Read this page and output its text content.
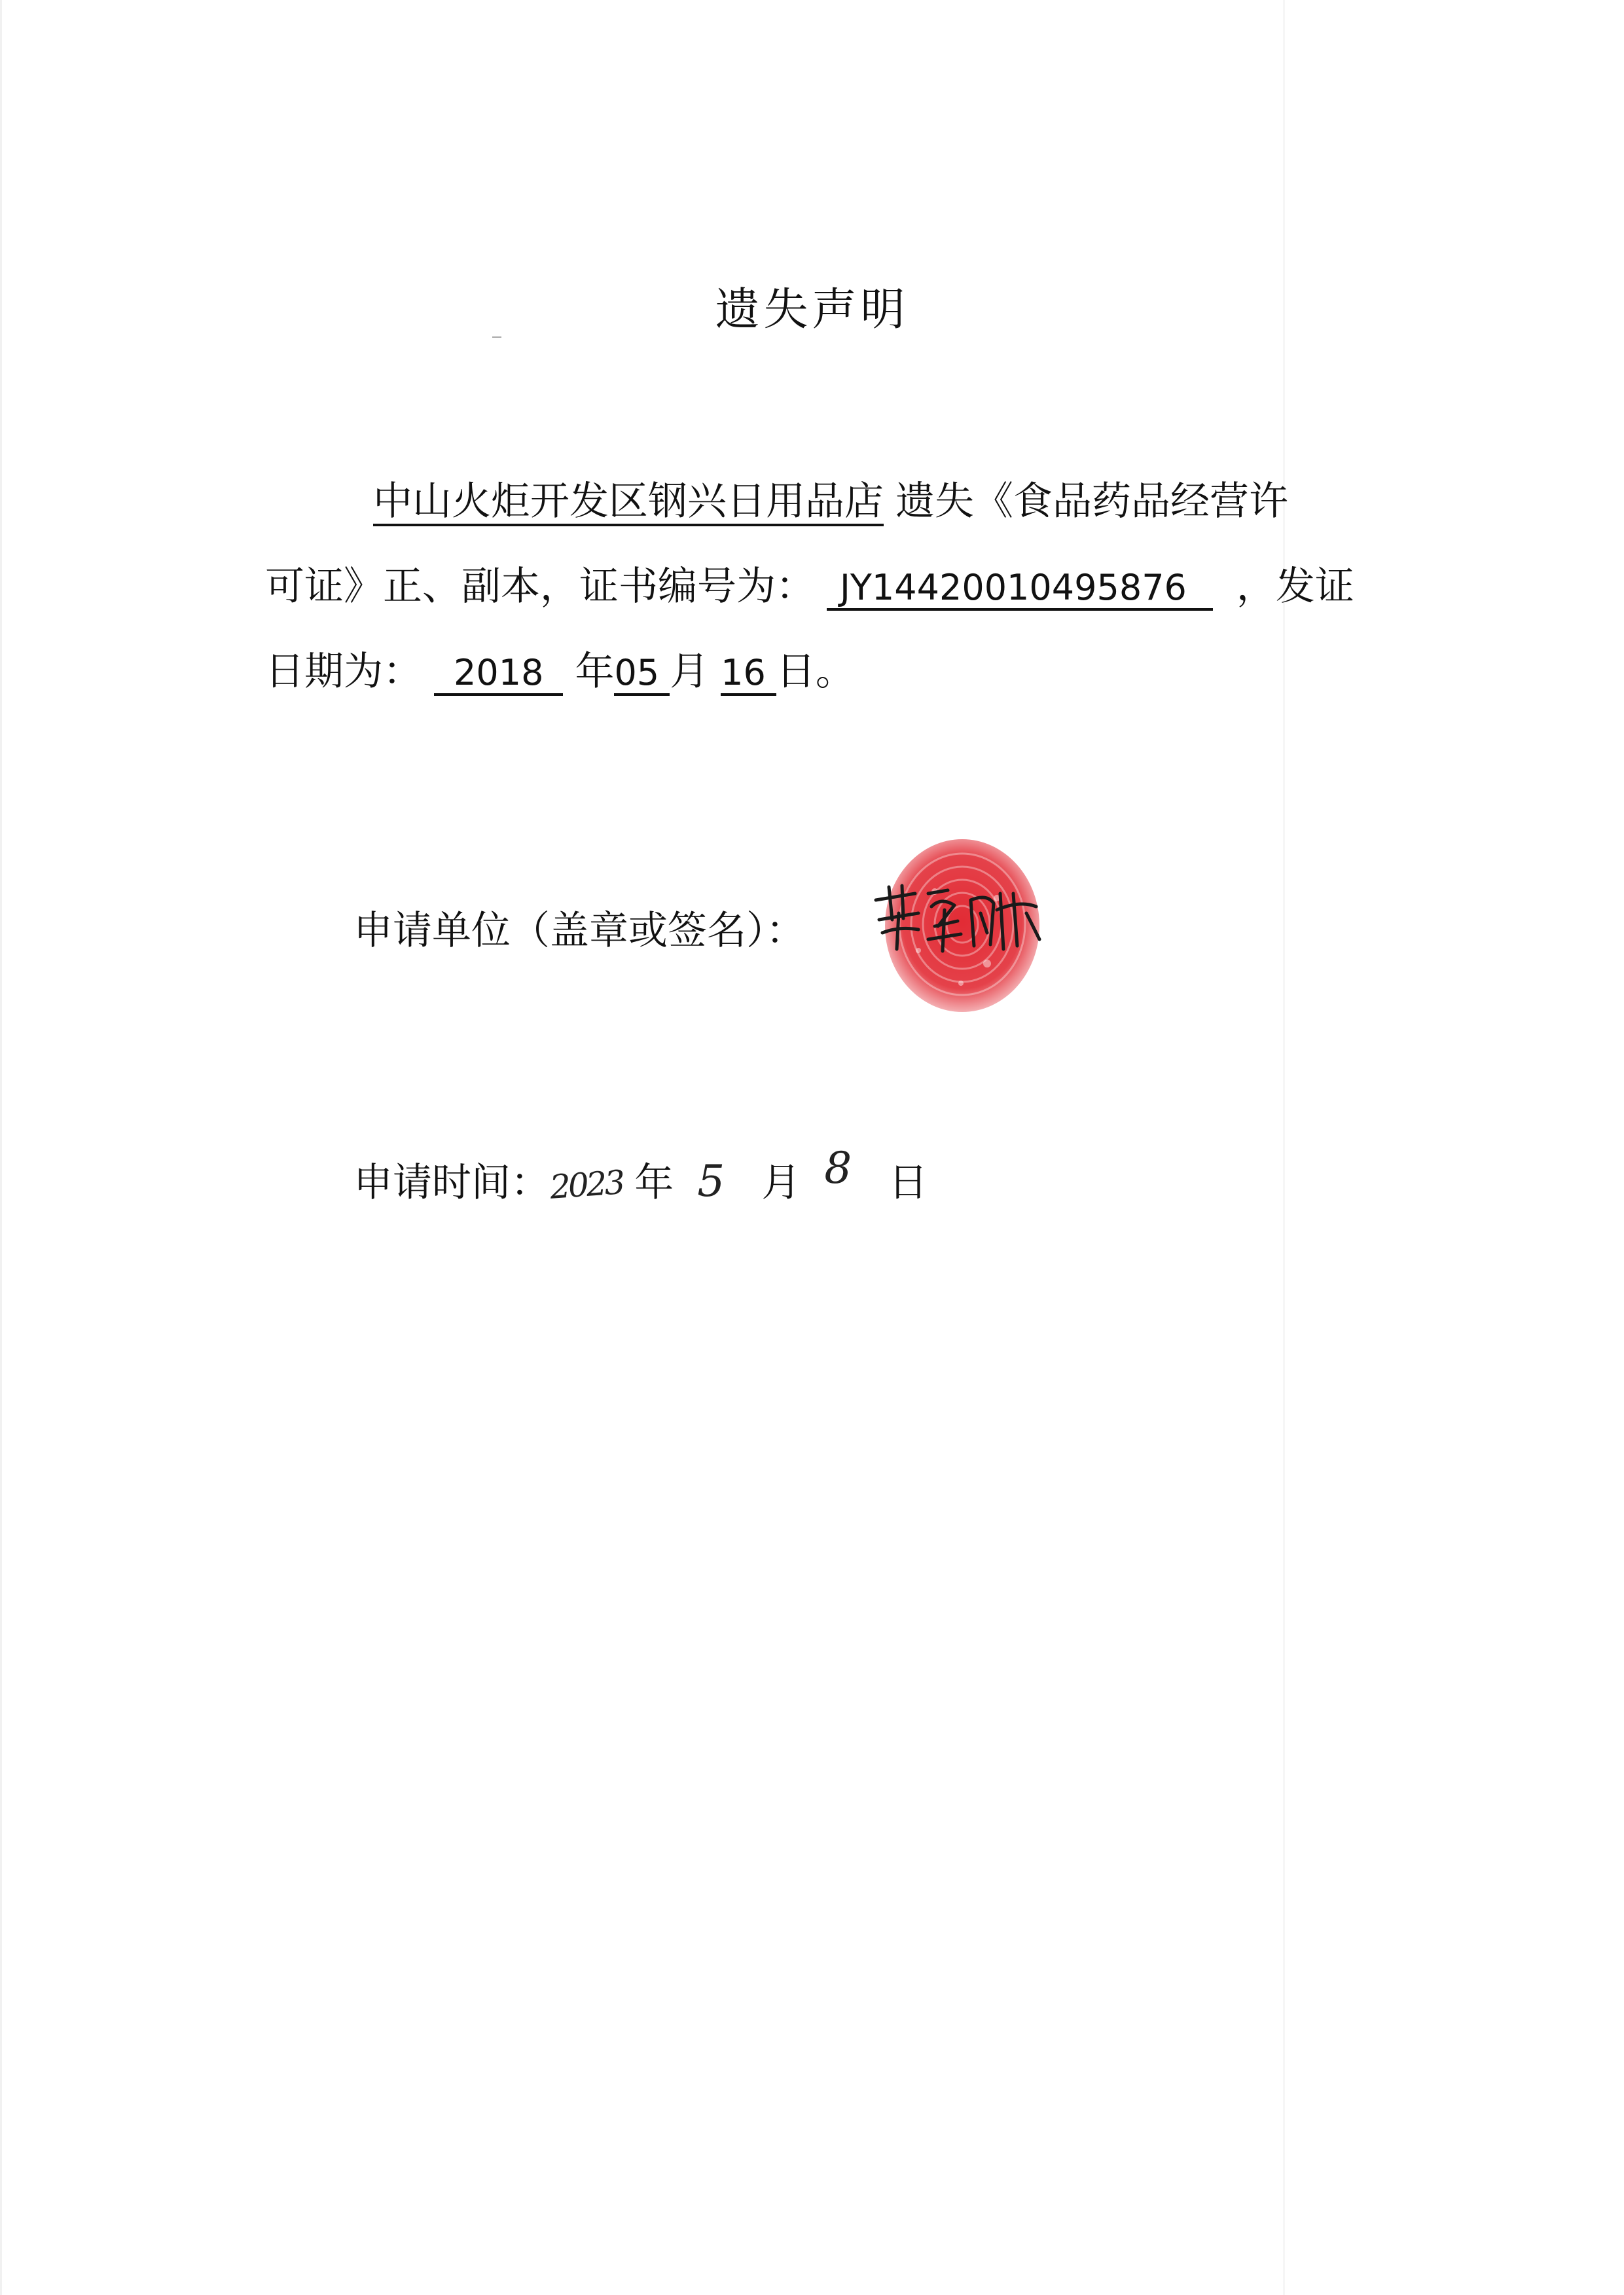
遗失声明
中山火炬开发区钢兴日用品店 遗失《食品药品经营许
可证》正、副本，证书编号为： JY14420010495876 ，发证
日期为： 2018 年05 月 16 日。
申请单位（盖章或签名）：
申请时间：2023 年 5 月 8 日
